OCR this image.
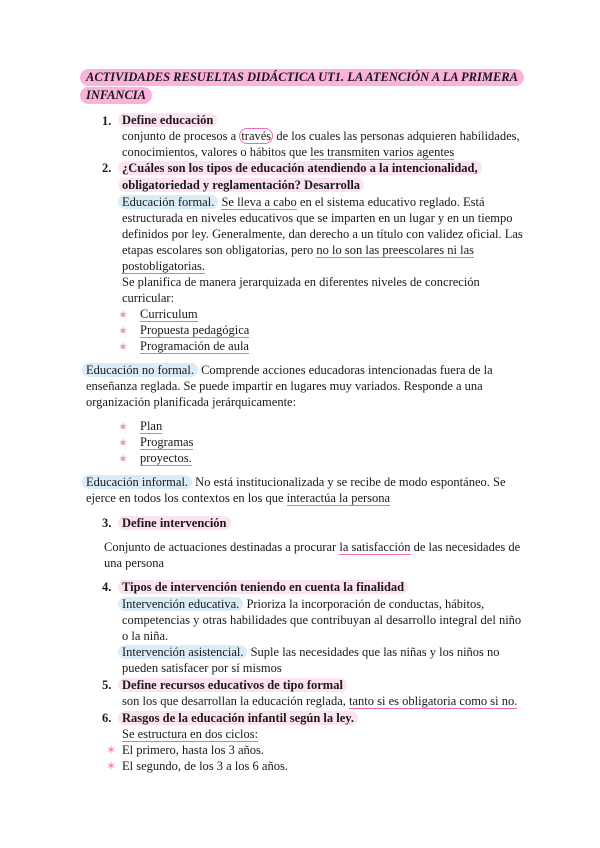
ACTIVIDADES RESUELTAS DIDÁCTICA UT1. LA ATENCIÓN A LA PRIMERA
INFANCIA
1. Define educación
conjunto de procesos a través de los cuales las personas adquieren habilidades,
conocimientos, valores o hábitos que les transmiten varios agentes
2. ¿Cuáles son los tipos de educación atendiendo a la intencionalidad,
obligatoriedad y reglamentación? Desarrolla
Educación formal. Se lleva a cabo en el sistema educativo reglado. Está
estructurada en niveles educativos que se imparten en un lugar y en un tiempo
definidos por ley. Generalmente, dan derecho a un título con validez oficial. Las
etapas escolares son obligatorias, pero no lo son las preescolares ni las
postobligatorias.
Se planifica de manera jerarquizada en diferentes niveles de concreción
curricular:
✶ Curriculum
✶ Propuesta pedagógica
✶ Programación de aula
Educación no formal. Comprende acciones educadoras intencionadas fuera de la
enseñanza reglada. Se puede impartir en lugares muy variados. Responde a una
organización planificada jerárquicamente:
✶ Plan
✶ Programas
✶ proyectos.
Educación informal. No está institucionalizada y se recibe de modo espontáneo. Se
ejerce en todos los contextos en los que interactúa la persona
3. Define intervención
Conjunto de actuaciones destinadas a procurar la satisfacción de las necesidades de
una persona
4. Tipos de intervención teniendo en cuenta la finalidad
Intervención educativa. Prioriza la incorporación de conductas, hábitos,
competencias y otras habilidades que contribuyan al desarrollo integral del niño
o la niña.
Intervención asistencial. Suple las necesidades que las niñas y los niños no
pueden satisfacer por sí mismos
5. Define recursos educativos de tipo formal
son los que desarrollan la educación reglada, tanto si es obligatoria como si no.
6. Rasgos de la educación infantil según la ley.
Se estructura en dos ciclos:
✶ El primero, hasta los 3 años.
✶ El segundo, de los 3 a los 6 años.
